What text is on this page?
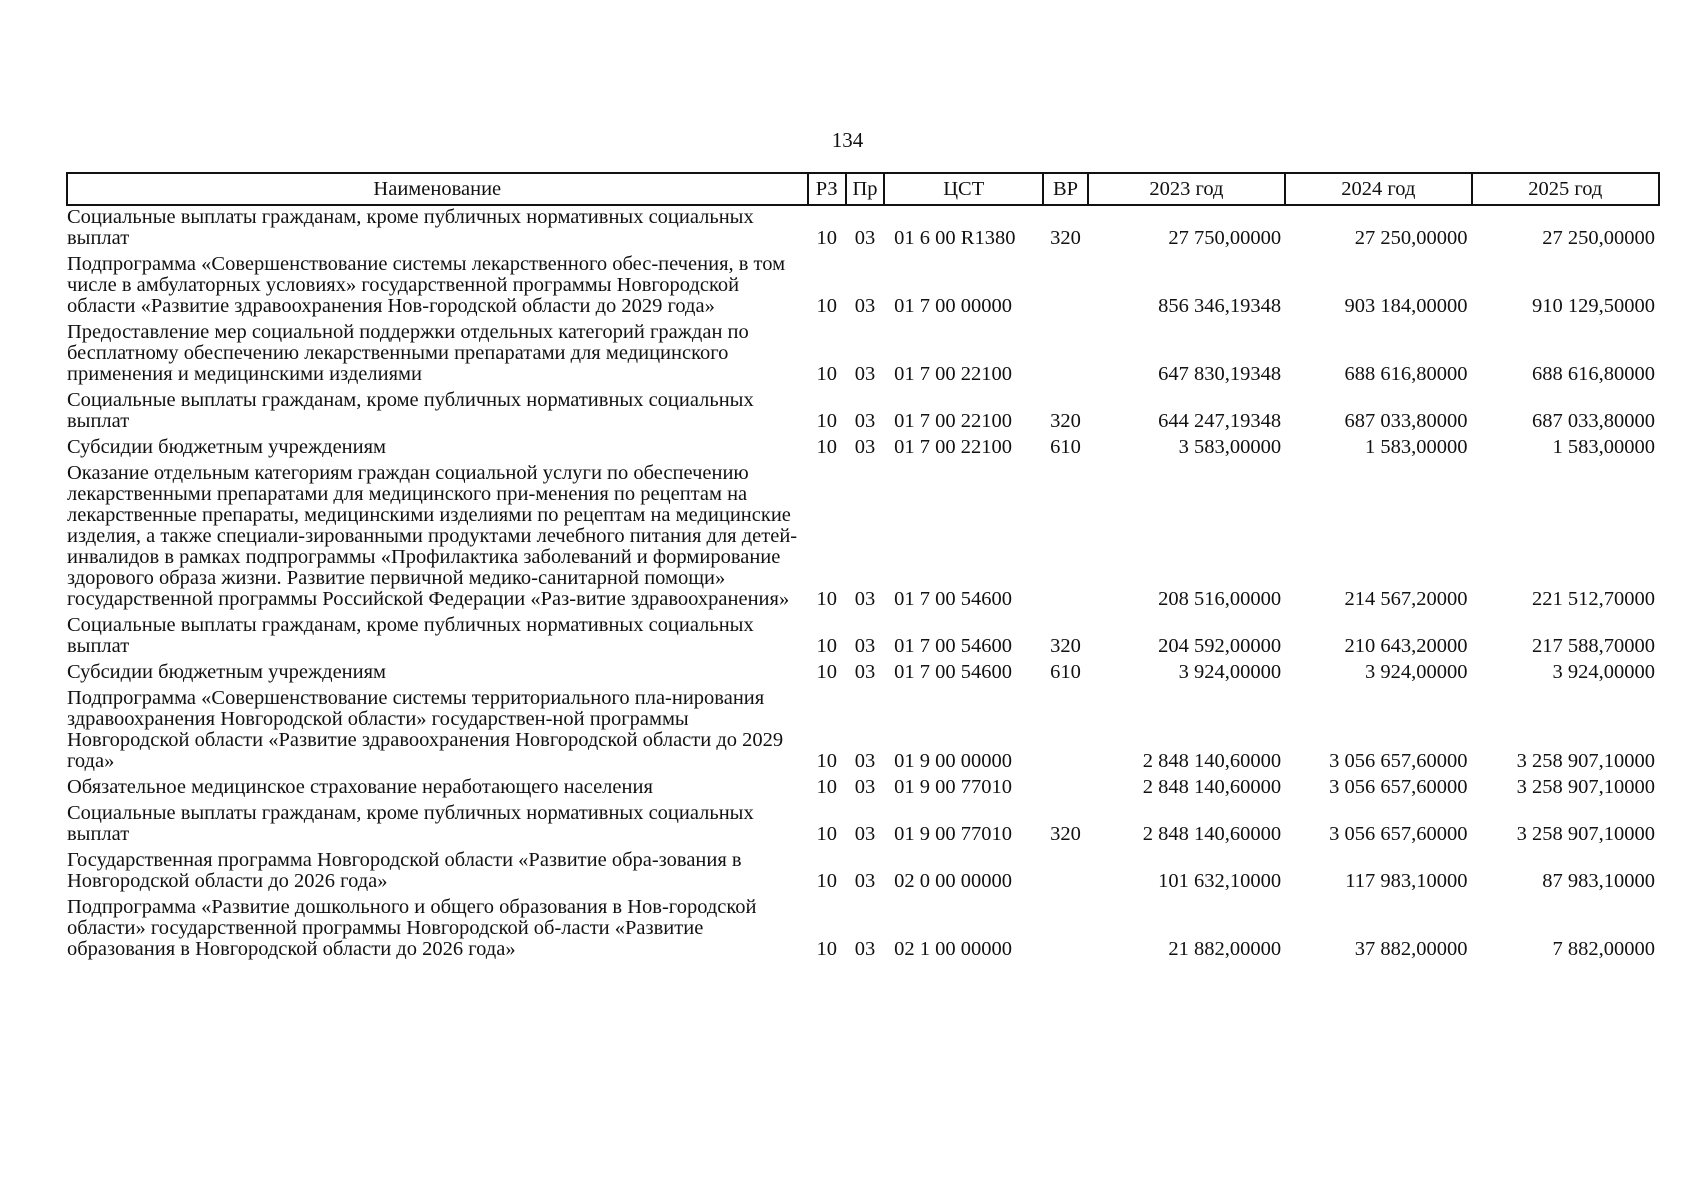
134
Наименование	РЗ	Пр	ЦСТ	ВР	2023 год	2024 год	2025 год
Социальные выплаты гражданам, кроме публичных нормативных социальных выплат	10	03	01 6 00 R1380	320	27 750,00000	27 250,00000	27 250,00000
Подпрограмма «Совершенствование системы лекарственного обес-печения, в том числе в амбулаторных условиях» государственной программы Новгородской области «Развитие здравоохранения Нов-городской области до 2029 года»	10	03	01 7 00 00000		856 346,19348	903 184,00000	910 129,50000
Предоставление мер социальной поддержки отдельных категорий граждан по бесплатному обеспечению лекарственными препаратами для медицинского применения и медицинскими изделиями	10	03	01 7 00 22100		647 830,19348	688 616,80000	688 616,80000
Социальные выплаты гражданам, кроме публичных нормативных социальных выплат	10	03	01 7 00 22100	320	644 247,19348	687 033,80000	687 033,80000
Субсидии бюджетным учреждениям	10	03	01 7 00 22100	610	3 583,00000	1 583,00000	1 583,00000
Оказание отдельным категориям граждан социальной услуги по обеспечению лекарственными препаратами для медицинского при-менения по рецептам на лекарственные препараты, медицинскими изделиями по рецептам на медицинские изделия, а также специали-зированными продуктами лечебного питания для детей-инвалидов в рамках подпрограммы «Профилактика заболеваний и формирование здорового образа жизни. Развитие первичной медико-санитарной помощи» государственной программы Российской Федерации «Раз-витие здравоохранения»	10	03	01 7 00 54600		208 516,00000	214 567,20000	221 512,70000
Социальные выплаты гражданам, кроме публичных нормативных социальных выплат	10	03	01 7 00 54600	320	204 592,00000	210 643,20000	217 588,70000
Субсидии бюджетным учреждениям	10	03	01 7 00 54600	610	3 924,00000	3 924,00000	3 924,00000
Подпрограмма «Совершенствование системы территориального пла-нирования здравоохранения Новгородской области» государствен-ной программы Новгородской области «Развитие здравоохранения Новгородской области до 2029 года»	10	03	01 9 00 00000		2 848 140,60000	3 056 657,60000	3 258 907,10000
Обязательное медицинское страхование неработающего населения	10	03	01 9 00 77010		2 848 140,60000	3 056 657,60000	3 258 907,10000
Социальные выплаты гражданам, кроме публичных нормативных социальных выплат	10	03	01 9 00 77010	320	2 848 140,60000	3 056 657,60000	3 258 907,10000
Государственная программа Новгородской области «Развитие обра-зования в Новгородской области до 2026 года»	10	03	02 0 00 00000		101 632,10000	117 983,10000	87 983,10000
Подпрограмма «Развитие дошкольного и общего образования в Нов-городской области» государственной программы Новгородской об-ласти «Развитие образования в Новгородской области до 2026 года»	10	03	02 1 00 00000		21 882,00000	37 882,00000	7 882,00000
